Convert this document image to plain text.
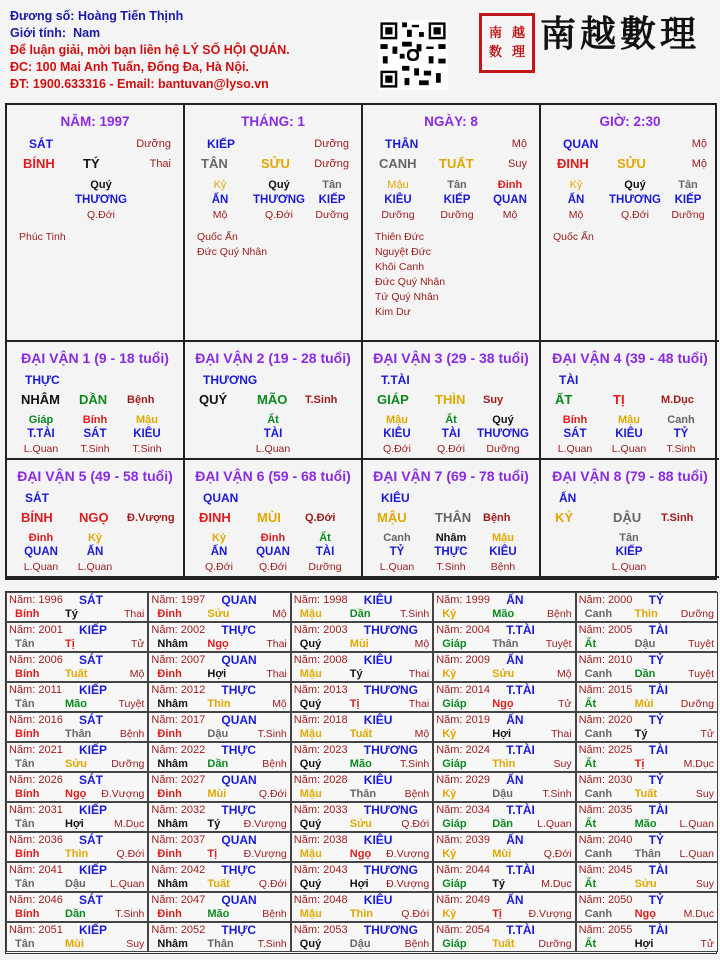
Đương số: Hoàng Tiến Thịnh
Giới tính: Nam
Để luận giải, mời bạn liên hệ LÝ SỐ HỘI QUÁN.
ĐC: 100 Mai Anh Tuấn, Đống Đa, Hà Nội.
ĐT: 1900.633316 - Email: bantuvan@lyso.vn
南 越
数 理 南越數理
NĂM: 1997
SÁT	Dưỡng
BÍNH TÝ	Thai
Quý
THƯƠNG
Q.Đới
Phúc Tinh
THÁNG: 1
KIẾP	Dưỡng
TÂN	SỬU Dưỡng
Kỷ	Quý	Tân
ẤN	THƯƠNG	KIẾP
Mộ	Q.Đới	Dưỡng
Quốc Ấn
Đức Quý Nhân
NGÀY: 8
THÂN	Mộ
CANH TUẤT	Suy
Mậu	Tân	Đinh
KIÊU	KIẾP	QUAN
Dưỡng	Dưỡng	Mộ
Thiên Đức
Nguyệt Đức
Khôi Canh
Đức Quý Nhân
Tứ Quý Nhân
Kim Dư
GIỜ: 2:30
QUAN	Mộ
ĐINH SỬU	Mộ
Kỷ	Quý	Tân
ẤN	THƯƠNG	KIẾP
Mộ	Q.Đới	Dưỡng
Quốc Ấn
ĐẠI VẬN 1 (9 - 18 tuổi)
THỰC
NHÂM DẦN Bệnh
Giáp	Bính	Mậu
T.TÀI	SÁT	KIÊU
L.Quan	T.Sinh	T.Sinh
ĐẠI VẬN 2 (19 - 28 tuổi)
THƯƠNG
QUÝ MÃO T.Sinh
Ất
TÀI
L.Quan
ĐẠI VẬN 3 (29 - 38 tuổi)
T.TÀI
GIÁP THÌN Suy
Mậu	Ất	Quý
KIÊU	TÀI	THƯƠNG
Q.Đới	Q.Đới	Dưỡng
ĐẠI VẬN 4 (39 - 48 tuổi)
TÀI
ẤT	TỊ	M.Dục
Bính	Mậu	Canh
SÁT	KIÊU	TỶ
L.Quan	L.Quan	T.Sinh
ĐẠI VẬN 5 (49 - 58 tuổi)
SÁT
BÍNH NGỌ Đ.Vượng
Đinh	Kỷ
QUAN	ẤN
L.Quan	L.Quan
ĐẠI VẬN 6 (59 - 68 tuổi)
QUAN
ĐINH MÙI Q.Đới
Kỷ	Đinh	Ất
ẤN	QUAN	TÀI
Q.Đới	Q.Đới	Dưỡng
ĐẠI VẬN 7 (69 - 78 tuổi)
KIÊU
MẬU THÂN Bệnh
Canh	Nhâm	Mậu
TỶ	THỰC	KIÊU
L.Quan	T.Sinh	Bệnh
ĐẠI VẬN 8 (79 - 88 tuổi)
ẤN
KỶ	DẬU T.Sinh
Tân
KIẾP
L.Quan
Năm: 1996 SÁT
Bính Tý	Thai
Năm: 1997 QUAN
Đinh Sửu	Mộ
Năm: 1998 KIÊU
Mậu	Dần	T.Sinh
Năm: 1999 ẤN
Kỷ	Mão	Bệnh
Năm: 2000 TỶ
Canh Thìn Dưỡng
Năm: 2001 KIẾP
Tân	Tị	Tử
Năm: 2002 THỰC
Nhâm Ngọ	Thai
Năm: 2003 THƯƠNG
Quý	Mùi	Mộ
Năm: 2004 T.TÀI
Giáp Thân	Tuyệt
Năm: 2005 TÀI
Ất	Dậu	Tuyệt
Năm: 2006 SÁT
Bính Tuất	Mộ
Năm: 2007 QUAN
Đinh Hợi	Thai
Năm: 2008 KIÊU
Mậu	Tý	Thai
Năm: 2009 ẤN
Kỷ	Sửu	Mộ
Năm: 2010 TỶ
Canh Dần	Tuyệt
Năm: 2011 KIẾP
Tân	Mão	Tuyệt
Năm: 2012 THỰC
Nhâm Thìn	Mộ
Năm: 2013 THƯƠNG
Quý	Tị	Thai
Năm: 2014 T.TÀI
Giáp Ngọ	Tử
Năm: 2015 TÀI
Ất	Mùi	Dưỡng
Năm: 2016 SÁT
Bính Thân	Bệnh
Năm: 2017 QUAN
Đinh Dậu	T.Sinh
Năm: 2018 KIÊU
Mậu	Tuất	Mộ
Năm: 2019 ẤN
Kỷ	Hợi	Thai
Năm: 2020 TỶ
Canh Tý	Tử
Năm: 2021 KIẾP
Tân	Sửu Dưỡng
Năm: 2022 THỰC
Nhâm Dần	Bệnh
Năm: 2023 THƯƠNG
Quý	Mão	T.Sinh
Năm: 2024 T.TÀI
Giáp Thìn	Suy
Năm: 2025 TÀI
Ất	Tị	M.Dục
Năm: 2026 SÁT
Bính Ngọ Đ.Vượng
Năm: 2027 QUAN
Đinh Mùi	Q.Đới
Năm: 2028 KIÊU
Mậu	Thân	Bệnh
Năm: 2029 ẤN
Kỷ	Dậu	T.Sinh
Năm: 2030 TỶ
Canh Tuất	Suy
Năm: 2031 KIẾP
Tân	Hợi	M.Dục
Năm: 2032 THỰC
Nhâm Tý Đ.Vượng
Năm: 2033 THƯƠNG
Quý	Sửu	Q.Đới
Năm: 2034 T.TÀI
Giáp Dần L.Quan
Năm: 2035 TÀI
Ất	Mão L.Quan
Năm: 2036 SÁT
Bính Thìn	Q.Đới
Năm: 2037 QUAN
Đinh Tị	Đ.Vượng
Năm: 2038 KIÊU
Mậu	Ngọ Đ.Vượng
Năm: 2039 ẤN
Kỷ	Mùi	Q.Đới
Năm: 2040 TỶ
Canh Thân L.Quan
Năm: 2041 KIẾP
Tân	Dậu L.Quan
Năm: 2042 THỰC
Nhâm Tuất	Q.Đới
Năm: 2043 THƯƠNG
Quý	Hợi Đ.Vượng
Năm: 2044 T.TÀI
Giáp Tý	M.Dục
Năm: 2045 TÀI
Ất	Sửu	Suy
Năm: 2046 SÁT
Bính Dần	T.Sinh
Năm: 2047 QUAN
Đinh Mão	Bệnh
Năm: 2048 KIÊU
Mậu	Thìn	Q.Đới
Năm: 2049 ẤN
Kỷ	Tị	Đ.Vượng
Năm: 2050 TỶ
Canh Ngọ	M.Dục
Năm: 2051 KIẾP
Tân	Mùi	Suy
Năm: 2052 THỰC
Nhâm Thân T.Sinh
Năm: 2053 THƯƠNG
Quý	Dậu	Bệnh
Năm: 2054 T.TÀI
Giáp Tuất Dưỡng
Năm: 2055 TÀI
Ất	Hợi	Tử
